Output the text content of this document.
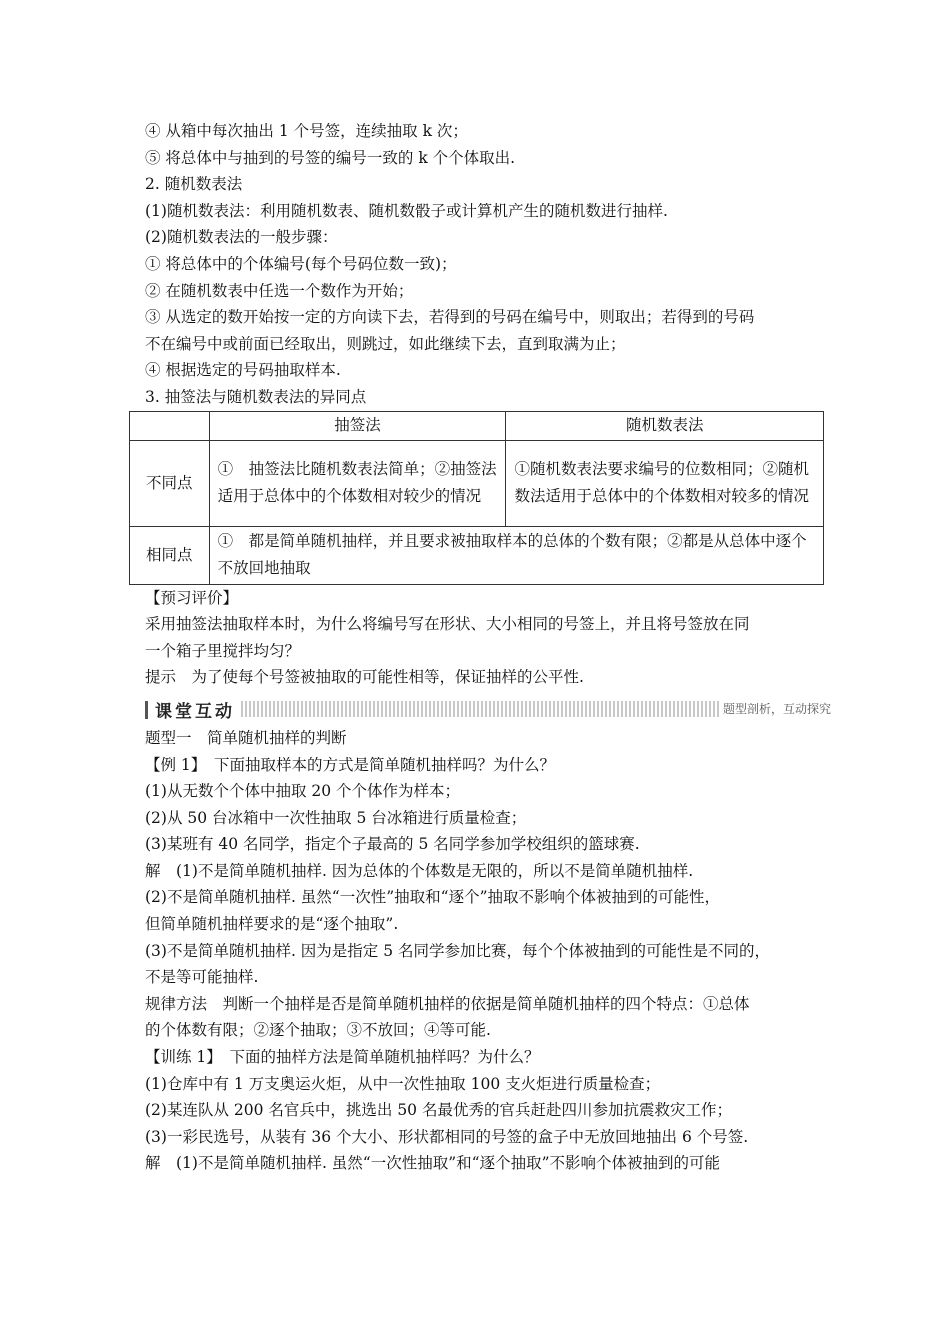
④ 从箱中每次抽出 1 个号签，连续抽取 k 次；
⑤ 将总体中与抽到的号签的编号一致的 k 个个体取出.
2. 随机数表法
(1)随机数表法：利用随机数表、随机数骰子或计算机产生的随机数进行抽样.
(2)随机数表法的一般步骤：
① 将总体中的个体编号(每个号码位数一致)；
② 在随机数表中任选一个数作为开始；
③ 从选定的数开始按一定的方向读下去，若得到的号码在编号中，则取出；若得到的号码
不在编号中或前面已经取出，则跳过，如此继续下去，直到取满为止；
④ 根据选定的号码抽取样本.
3. 抽签法与随机数表法的异同点
	抽签法	随机数表法
不同点	①　抽签法比随机数表法简单；②抽签法适用于总体中的个体数相对较少的情况	①随机数表法要求编号的位数相同；②随机数法适用于总体中的个体数相对较多的情况
相同点	①　都是简单随机抽样，并且要求被抽取样本的总体的个数有限；②都是从总体中逐个不放回地抽取	
【预习评价】
采用抽签法抽取样本时，为什么将编号写在形状、大小相同的号签上，并且将号签放在同
一个箱子里搅拌均匀？
提示　为了使每个号签被抽取的可能性相等，保证抽样的公平性.
课堂互动	题型剖析，互动探究
题型一　简单随机抽样的判断
【例 1】　下面抽取样本的方式是简单随机抽样吗？为什么？
(1)从无数个个体中抽取 20 个个体作为样本；
(2)从 50 台冰箱中一次性抽取 5 台冰箱进行质量检查；
(3)某班有 40 名同学，指定个子最高的 5 名同学参加学校组织的篮球赛.
解　(1)不是简单随机抽样. 因为总体的个体数是无限的，所以不是简单随机抽样.
(2)不是简单随机抽样. 虽然“一次性”抽取和“逐个”抽取不影响个体被抽到的可能性，
但简单随机抽样要求的是“逐个抽取”.
(3)不是简单随机抽样. 因为是指定 5 名同学参加比赛，每个个体被抽到的可能性是不同的，
不是等可能抽样.
规律方法　判断一个抽样是否是简单随机抽样的依据是简单随机抽样的四个特点：①总体
的个体数有限；②逐个抽取；③不放回；④等可能.
【训练 1】　下面的抽样方法是简单随机抽样吗？为什么？
(1)仓库中有 1 万支奥运火炬，从中一次性抽取 100 支火炬进行质量检查；
(2)某连队从 200 名官兵中，挑选出 50 名最优秀的官兵赶赴四川参加抗震救灾工作；
(3)一彩民选号，从装有 36 个大小、形状都相同的号签的盒子中无放回地抽出 6 个号签.
解　(1)不是简单随机抽样. 虽然“一次性抽取”和“逐个抽取”不影响个体被抽到的可能
